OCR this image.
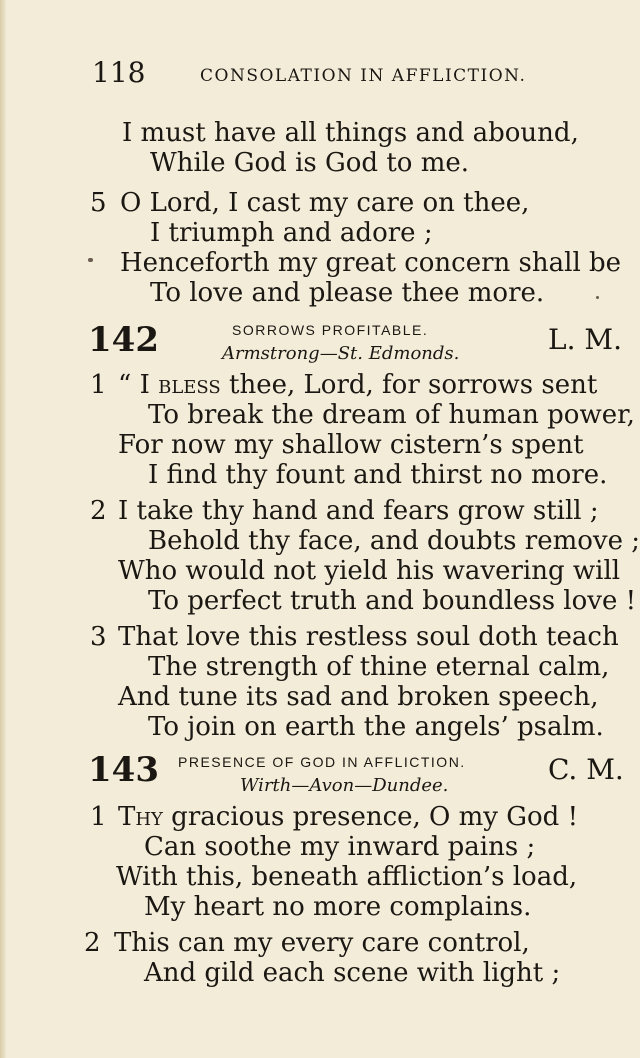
118	CONSOLATION IN AFFLICTION.
I must have all things and abound,
While God is God to me.
5 O Lord, I cast my care on thee,
I triumph and adore ;
Henceforth my great concern shall be
To love and please thee more.
142	SORROWS PROFITABLE.
Armstrong—St. Edmonds.	L. M.
1 “ I bless thee, Lord, for sorrows sent
To break the dream of human power,
For now my shallow cistern’s spent
I find thy fount and thirst no more.
2 I take thy hand and fears grow still ;
Behold thy face, and doubts remove ;
Who would not yield his wavering will
To perfect truth and boundless love !
3 That love this restless soul doth teach
The strength of thine eternal calm,
And tune its sad and broken speech,
To join on earth the angels’ psalm.
143 PRESENCE OF GOD IN AFFLICTION.
Wirth—Avon—Dundee.	C. M.
1 Thy gracious presence, O my God !
Can soothe my inward pains ;
With this, beneath affliction’s load,
My heart no more complains.
2 This can my every care control,
And gild each scene with light ;
